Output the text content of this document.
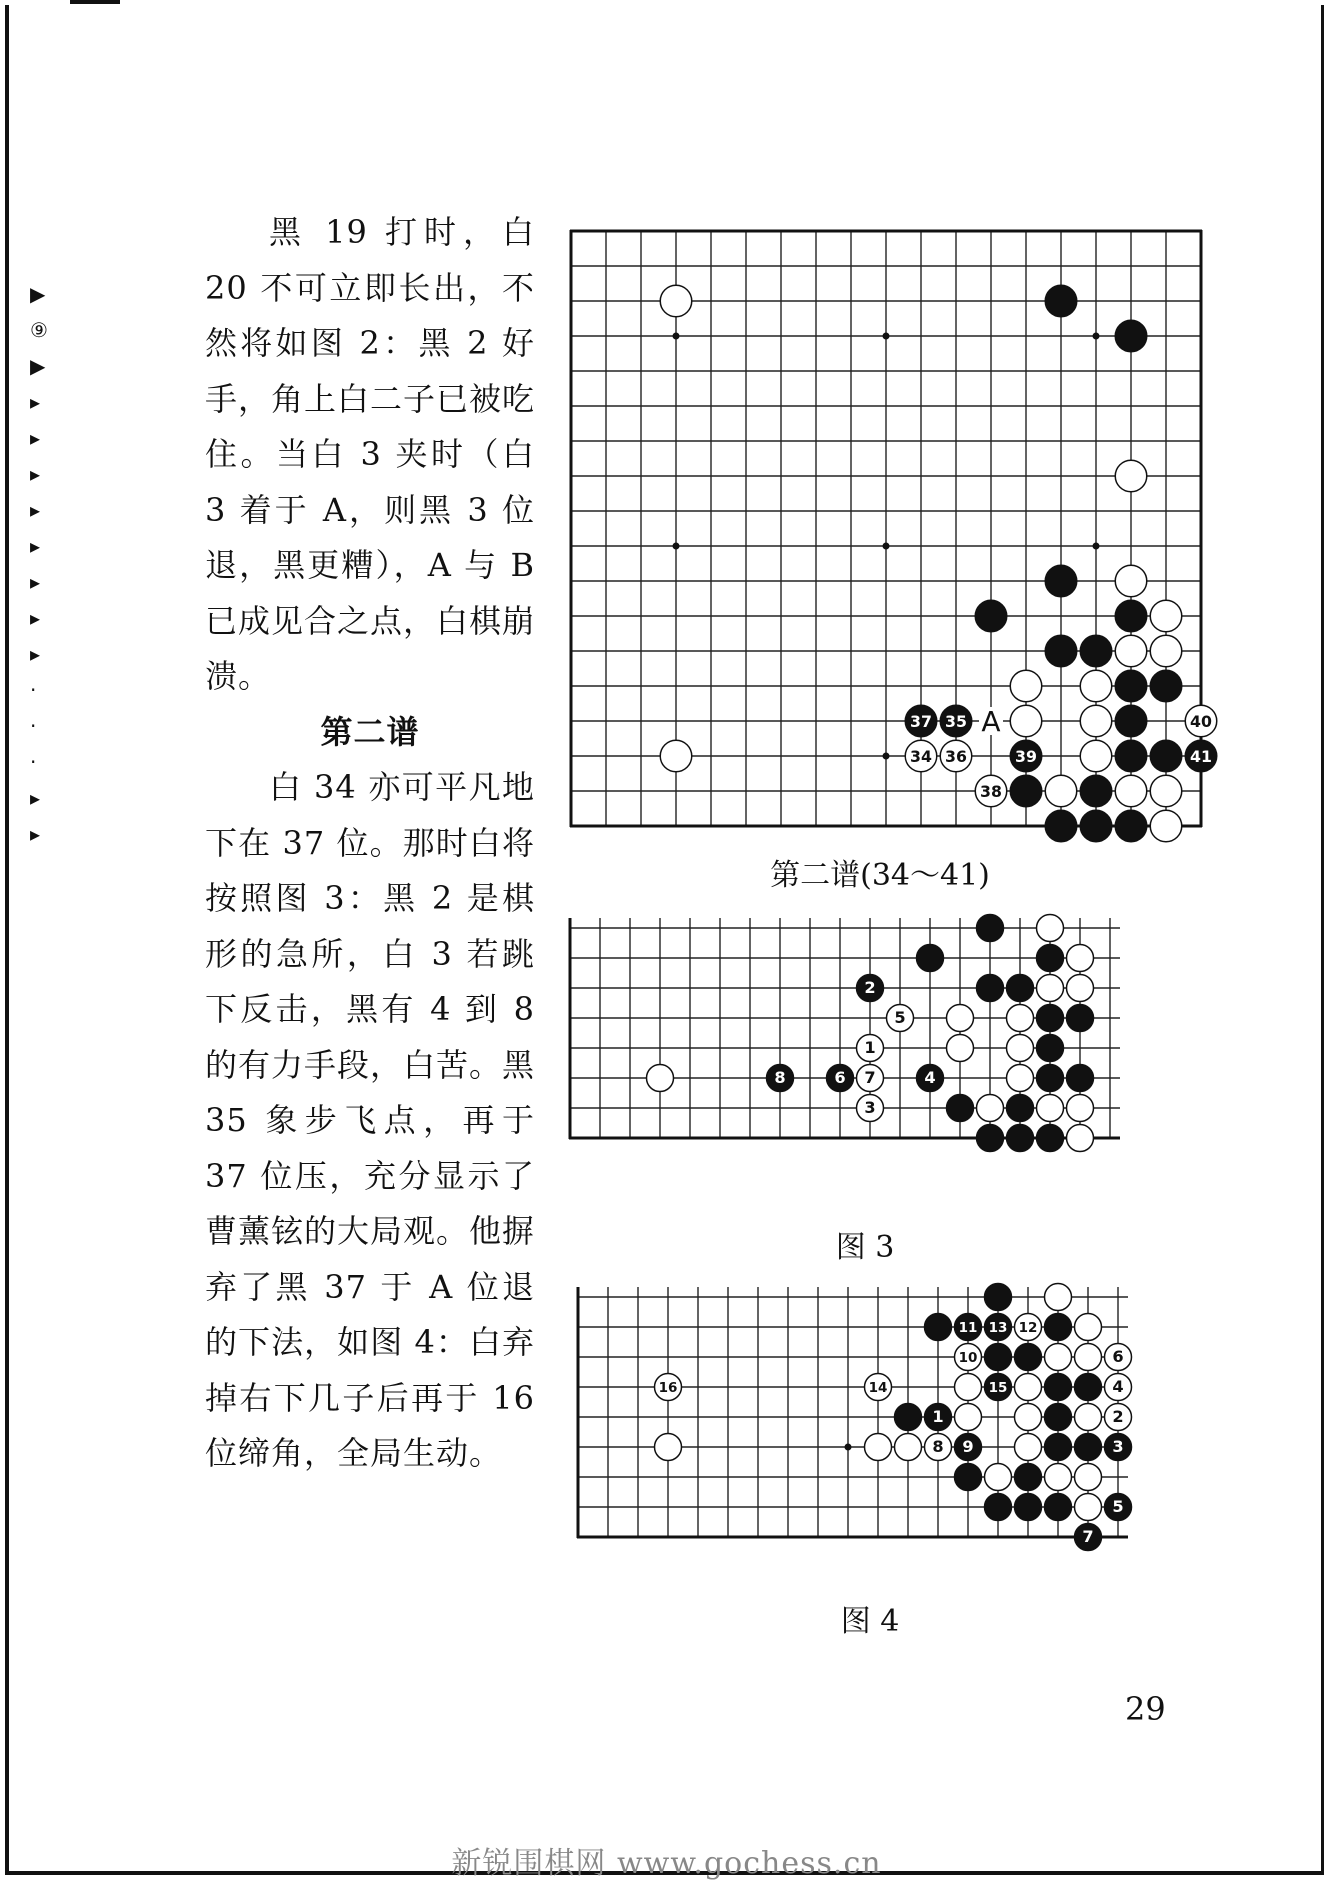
▶
⑨
▶
▸
▸
▸
▸
▸
▸
▸
▸
·
·
·
▸
▸

黑 19 打时，白 20 不可立即长出，不然将如图 2：黑 2 好手，角上白二子已被吃住。当白 3 夹时（白 3 着于 A，则黑 3 位退，黑更糟），A 与 B 已成见合之点，白棋崩溃。

第二谱

白 34 亦可平凡地下在 37 位。那时白将按照图 3：黑 2 是棋形的急所，白 3 若跳下反击，黑有 4 到 8 的有力手段，白苦。黑 35 象步飞点，再于 37 位压，充分显示了曹薰铉的大局观。他摒弃了黑 37 于 A 位退的下法，如图 4：白弃掉右下几子后再于 16 位缔角，全局生动。

37 35	40
34 36	39	41
38
A
第二谱(34～41)
2
5
1
8	6 7	4
3
图 3
11 13 12
10	6
16	14	15	4
1	2
8 9	3
5
7
图 4
29
新锐围棋网 www.gochess.cn
